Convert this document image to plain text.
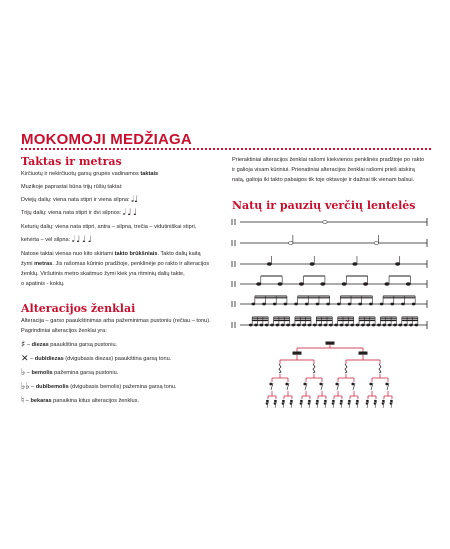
MOKOMOJI MEDŽIAGA
Taktas ir metras
Kirčiuotų ir nekirčiuotų garsų grupės vadinamos taktais
Muzikoje paprastai būna trijų rūšių taktai:
Dviejų dalių: viena nata stipri ir viena silpna: 𝅗𝅥♩
Trijų dalių: viena nata stipri ir dvi silpnos: 𝅗𝅥 ♩ ♩
Keturių dalių: viena nata stipri, antra – silpna, trečia – vidutiniškai stipri,
ketvirta – vėl silpna: 𝅗𝅥 ♩ ♩ ♩
Natose taktai vienas nuo kito skiriami takto brūkšniais. Takto dalių kaitą
žymi metras. Jis rašomas kūrinio pradžioje, penklinėje po rakto ir alteracijos
ženklų. Viršutinis metro skaitmuo žymi kiek yra ritminių dalių takte,
o apatinis - kokių.
Alteracijos ženklai
Alteracija – garso paaukštinimas arba pažeminimas pustoniu (rečiau – tonu).
Pagrindiniai alteracijos ženklai yra:
♯ – diezas paaukština garsą pustoniu.
✕ – dubldiezas (dvigubasis diezas) paaukština garsą tonu.
♭ – bemolis pažemina garsą pustoniu.
♭♭ – dublbemolis (dvigubasis bemolis) pažemina garsą tonu.
♮ – bekaras panaikina kitus alteracijos ženklus.
Prieraktiniai alteracijos ženklai rašomi kiekvienos penklinės pradžioje po rakto
ir galioja visam kūriniui. Prienatiniai alteracijos ženklai rašomi prieš atskirą
natą, galioja iki takto pabaigos tik toje oktavoje ir dažnai tik vienam balsui.
Natų ir pauzių verčių lentelės
